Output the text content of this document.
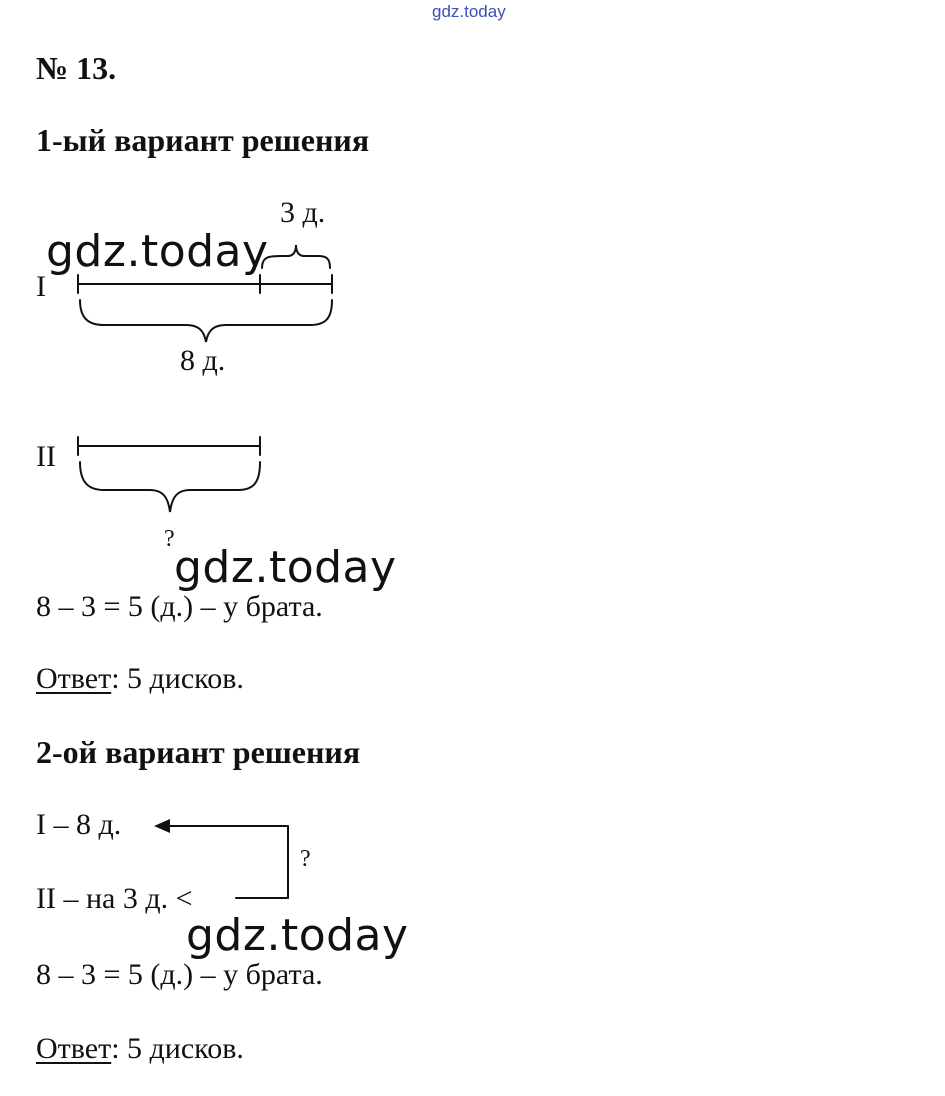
gdz.today
№ 13.
1-ый вариант решения
3 д.
gdz.today
I
8 д.
II
?
gdz.today
8 – 3 = 5 (д.) – у брата.
Ответ: 5 дисков.
2-ой вариант решения
I – 8 д.
?
II – на 3 д. <
gdz.today
8 – 3 = 5 (д.) – у брата.
Ответ: 5 дисков.
